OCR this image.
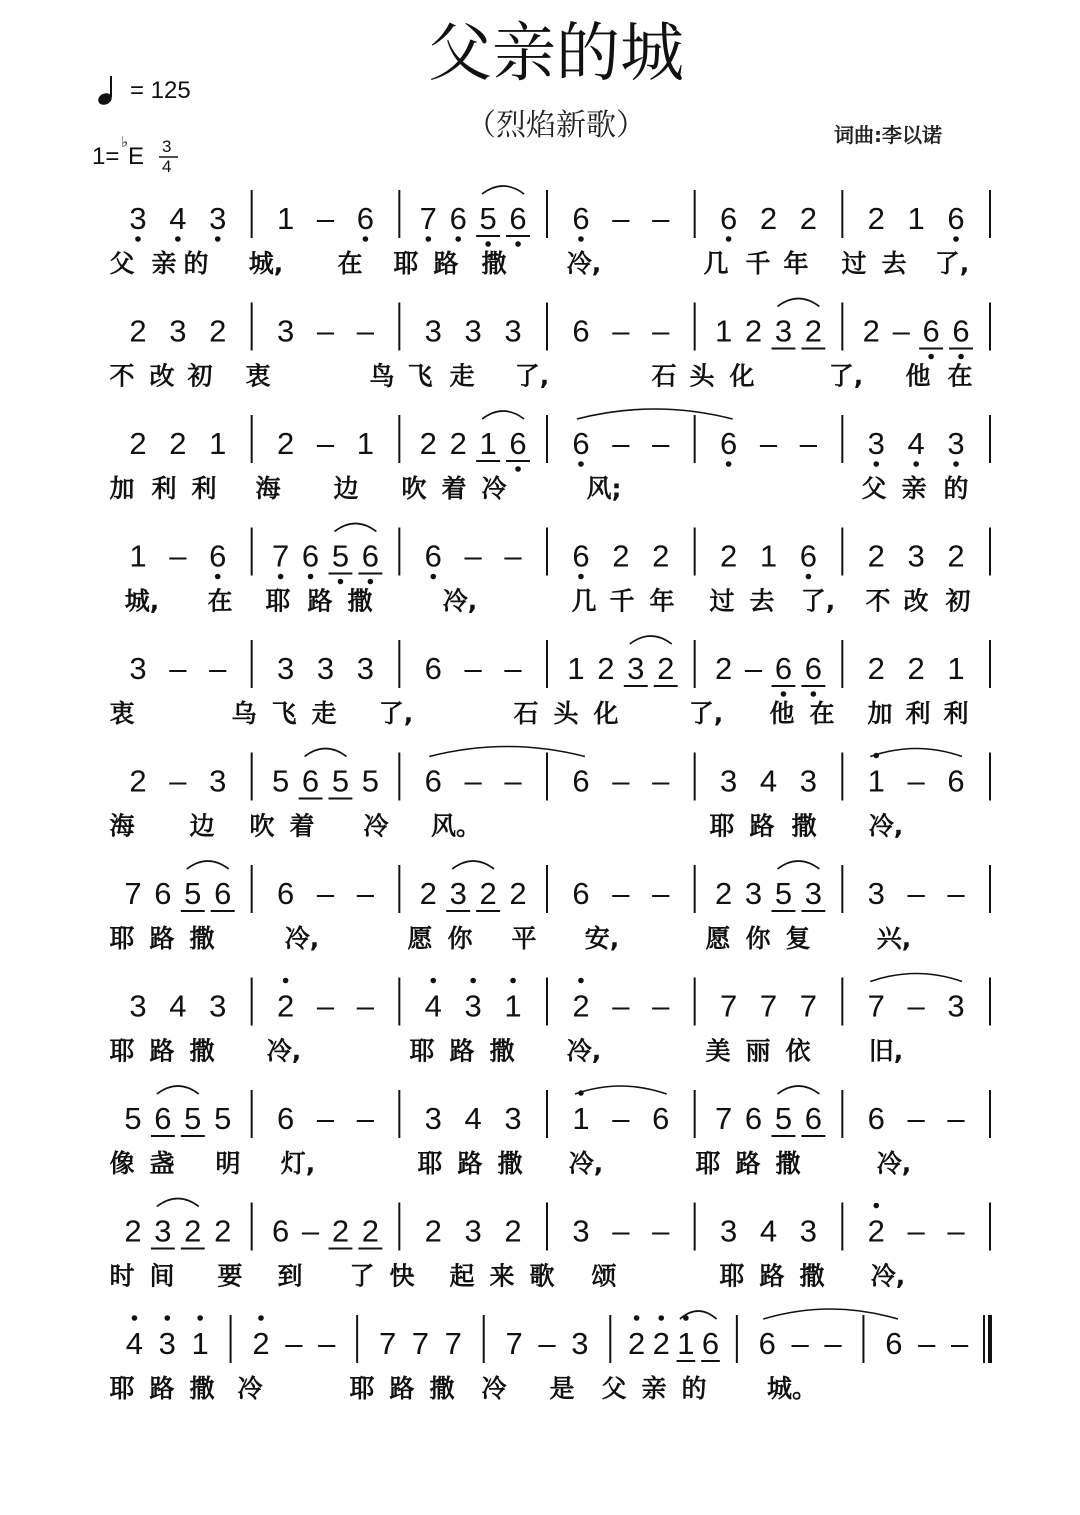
父亲的城
（烈焰新歌）	词曲:李以诺
= 125
1=
♭
E 3
4
3 4 3 1 – 6 7 6 5 6 6 – – 6 2 2 2 1 6
父 亲 的 城, 在 耶 路 撒 冷,	几 千 年 过 去 了,
2 3 2 3 – – 3 3 3 6 – – 1 2 3 2 2 – 6 6
不 改 初 衷	鸟 飞 走 了,	石 头 化	了, 他 在
2 2 1 2 – 1 2 2 1 6 6 – – 6 – – 3 4 3
加 利 利 海 边 吹 着 冷	风;	父 亲 的
1 – 6 7 6 5 6 6 – – 6 2 2 2 1 6 2 3 2
城, 在 耶 路 撒	冷,	几 千 年 过 去 了, 不 改 初
3 – – 3 3 3 6 – – 1 2 3 2 2 – 6 6 2 2 1
衷	乌 飞 走 了,	石 头 化	了, 他 在 加 利 利
2 – 3 5 6 5 5 6 – – 6 – – 3 4 3 1 – 6
海 边 吹 着 冷 风。	耶 路 撒 冷,
7 6 5 6 6 – – 2 3 2 2 6 – – 2 3 5 3 3 – –
耶 路 撒	冷,	愿 你 平 安,	愿 你 复	兴,
3 4 3 2 – – 4 3 1 2 – – 7 7 7 7 – 3
耶 路 撒 冷,	耶 路 撒 冷,	美 丽 依 旧,
5 6 5 5 6 – – 3 4 3 1 – 6 7 6 5 6 6 – –
像 盏 明 灯,	耶 路 撒 冷,	耶 路 撒	冷,
2 3 2 2 6 – 2 2 2 3 2 3 – – 3 4 3 2 – –
时 间 要 到 了 快 起 来 歌 颂	耶 路 撒 冷,
4 3 1 2 – – 7 7 7 7 – 3 2 2 1 6 6 – – 6 – –
耶 路 撒 冷	耶 路 撒 冷 是 父 亲 的 城。
